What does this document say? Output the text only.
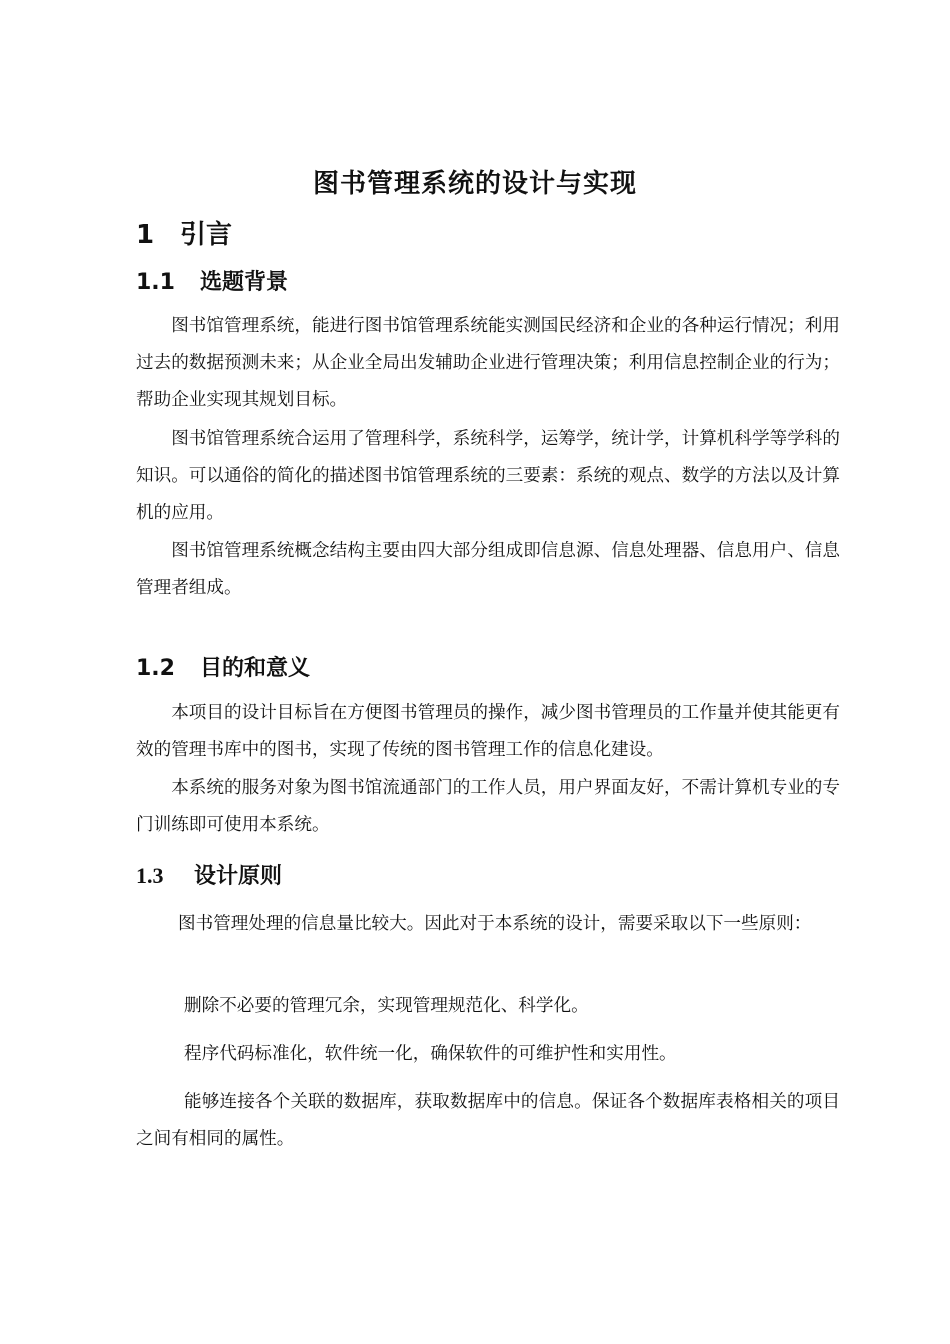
图书管理系统的设计与实现
1 引言
1.1 选题背景

图书馆管理系统，能进行图书馆管理系统能实测国民经济和企业的各种运行情况；利用过去的数据预测未来；从企业全局出发辅助企业进行管理决策；利用信息控制企业的行为；帮助企业实现其规划目标。

图书馆管理系统合运用了管理科学，系统科学，运筹学，统计学，计算机科学等学科的知识。可以通俗的简化的描述图书馆管理系统的三要素：系统的观点、数学的方法以及计算机的应用。

图书馆管理系统概念结构主要由四大部分组成即信息源、信息处理器、信息用户、信息管理者组成。

1.2 目的和意义

本项目的设计目标旨在方便图书管理员的操作，减少图书管理员的工作量并使其能更有效的管理书库中的图书，实现了传统的图书管理工作的信息化建设。

本系统的服务对象为图书馆流通部门的工作人员，用户界面友好，不需计算机专业的专门训练即可使用本系统。

1.3 设计原则

图书管理处理的信息量比较大。因此对于本系统的设计，需要采取以下一些原则：

删除不必要的管理冗余，实现管理规范化、科学化。

程序代码标准化，软件统一化，确保软件的可维护性和实用性。

能够连接各个关联的数据库，获取数据库中的信息。保证各个数据库表格相关的项目之间有相同的属性。
